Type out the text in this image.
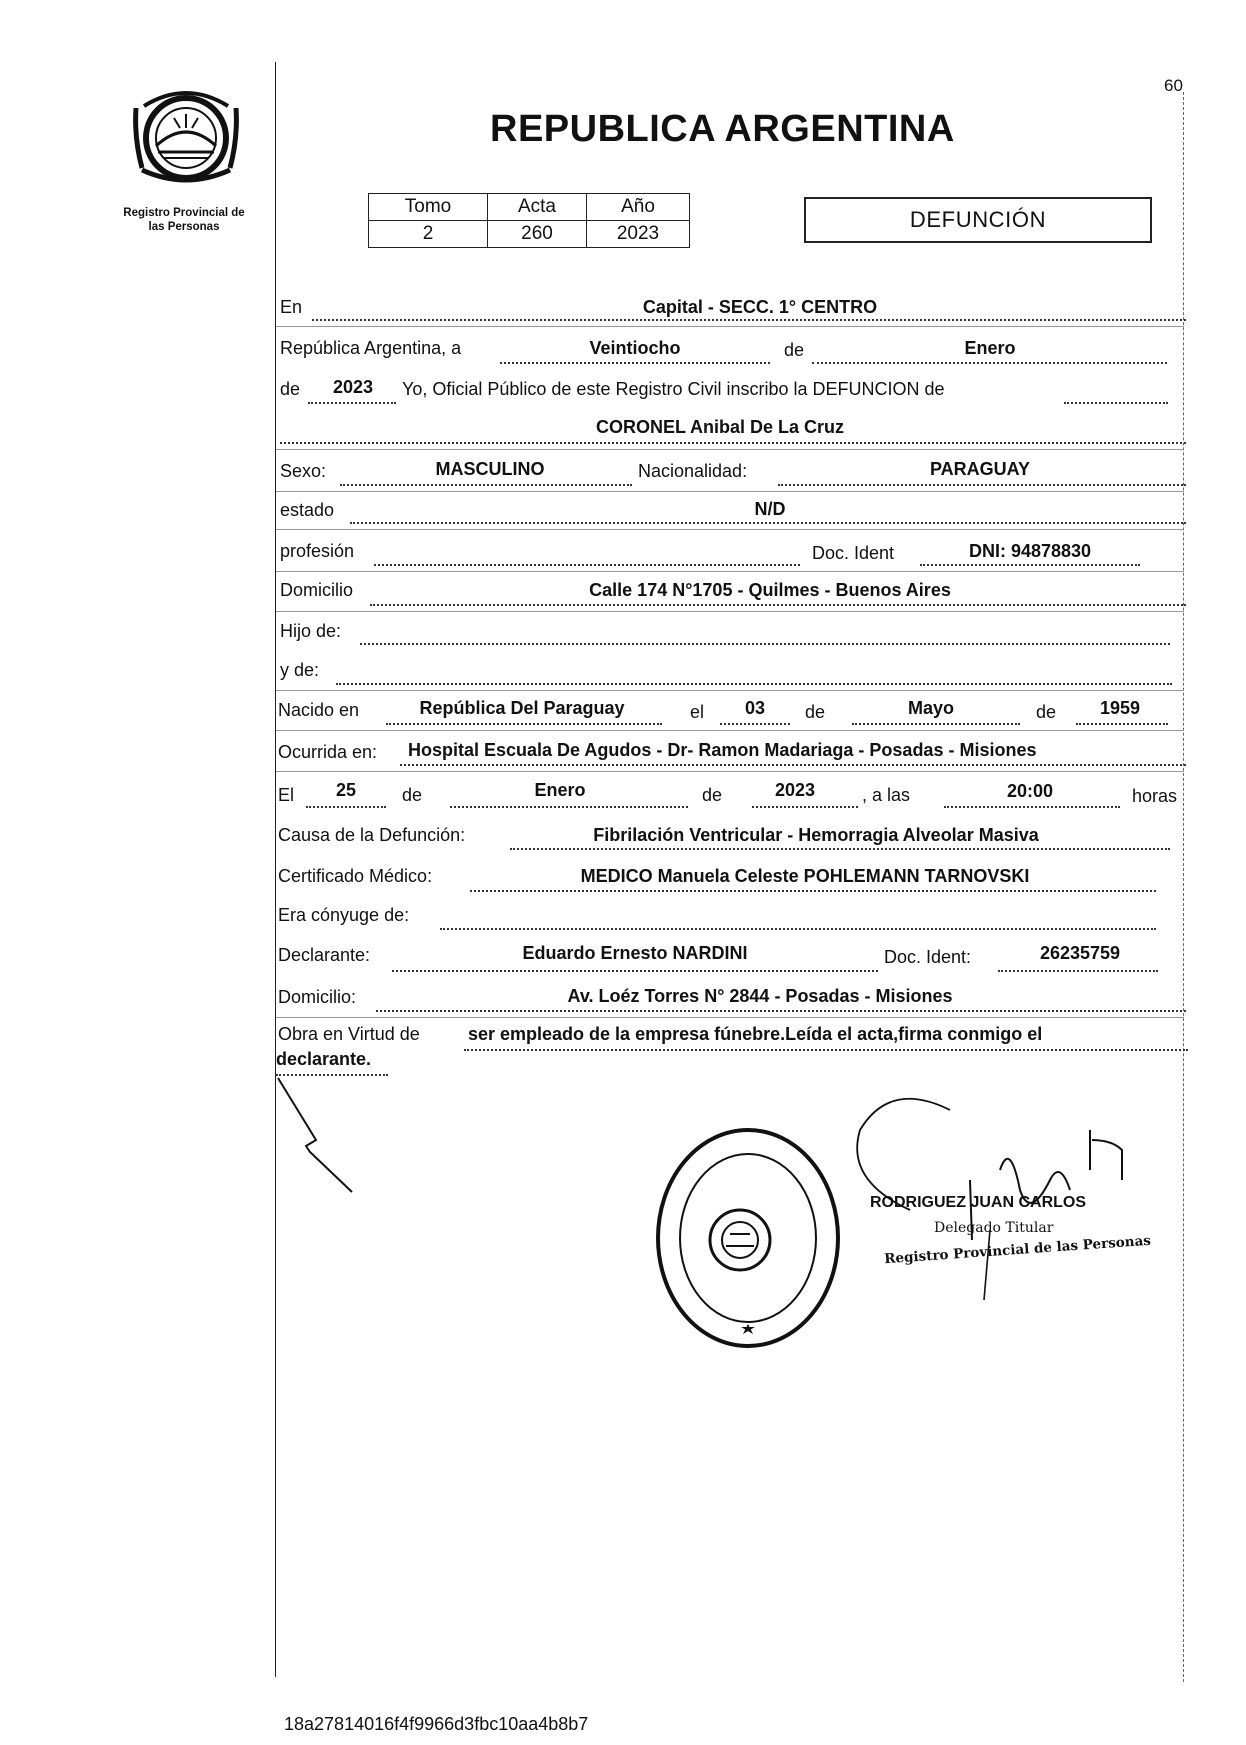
60
Registro Provincial de
las Personas
REPUBLICA ARGENTINA
Tomo	Acta	Año
2	260	2023
DEFUNCIÓN
En	Capital - SECC. 1° CENTRO
República Argentina, a	Veintiocho	de	Enero
de	2023	Yo, Oficial Público de este Registro Civil inscribo la DEFUNCION de
CORONEL Anibal De La Cruz
Sexo:	MASCULINO	Nacionalidad:	PARAGUAY
estado	N/D
profesión	Doc. Ident	DNI: 94878830
Domicilio	Calle 174 N°1705 - Quilmes - Buenos Aires
Hijo de:
y de:
Nacido en	República Del Paraguay	el	03	de	Mayo	de	1959
Ocurrida en: Hospital Escuala De Agudos - Dr- Ramon Madariaga - Posadas - Misiones
El	25	de	Enero	de	2023	, a las	20:00	horas
Causa de la Defunción:	Fibrilación Ventricular - Hemorragia Alveolar Masiva
Certificado Médico:	MEDICO Manuela Celeste POHLEMANN TARNOVSKI
Era cónyuge de:
Declarante:	Eduardo Ernesto NARDINI	Doc. Ident:	26235759
Domicilio:	Av. Loéz Torres N° 2844 - Posadas - Misiones
Obra en Virtud de	ser empleado de la empresa fúnebre.Leída el acta,firma conmigo el
declarante.
RODRIGUEZ JUAN CARLOS
Delegado Titular
Registro Provincial de las Personas
18a27814016f4f9966d3fbc10aa4b8b7
